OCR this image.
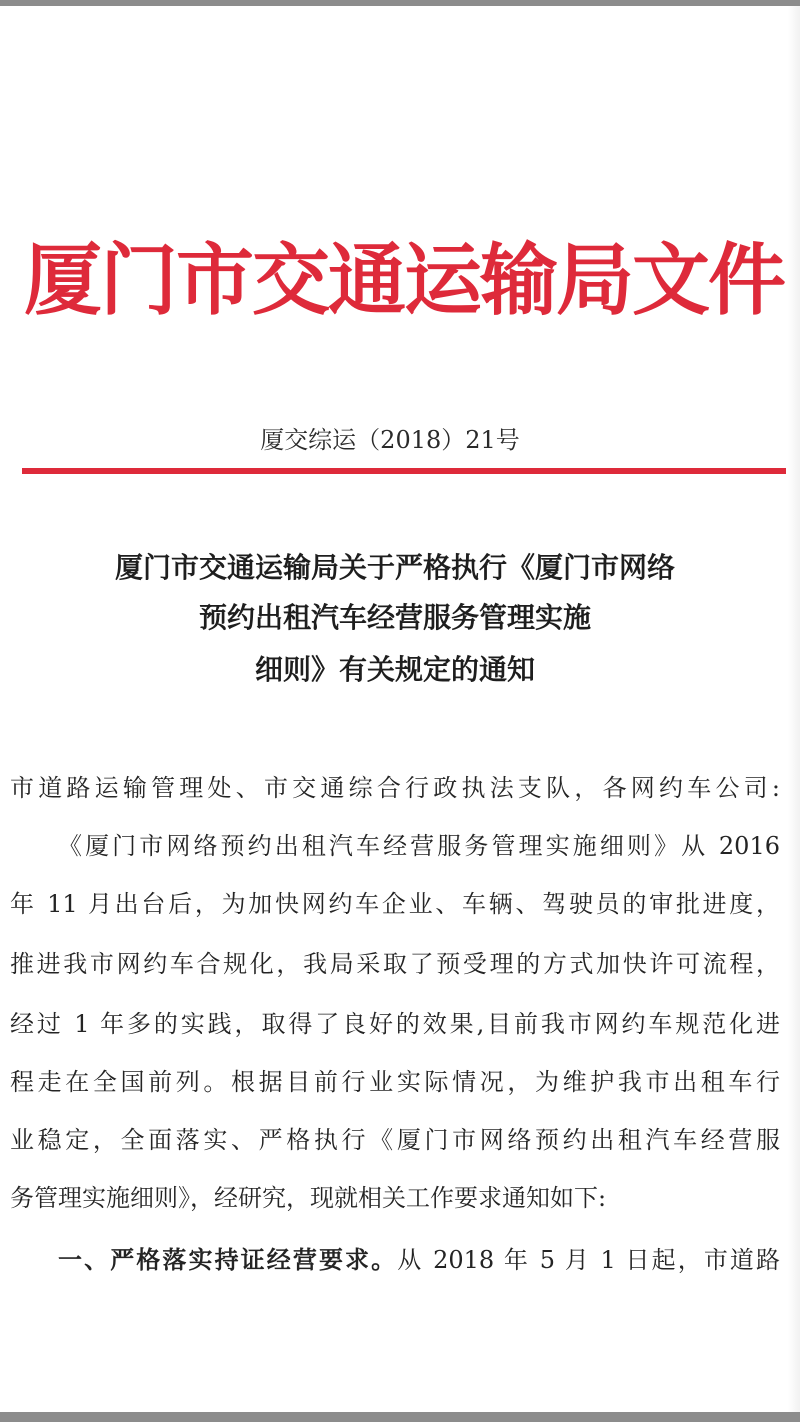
厦门市交通运输局文件
厦交综运（2018）21号
厦门市交通运输局关于严格执行《厦门市网络
预约出租汽车经营服务管理实施
细则》有关规定的通知
市道路运输管理处、市交通综合行政执法支队，各网约车公司:
《厦门市网络预约出租汽车经营服务管理实施细则》从 2016
年 11 月出台后，为加快网约车企业、车辆、驾驶员的审批进度，
推进我市网约车合规化，我局采取了预受理的方式加快许可流程，
经过 1 年多的实践，取得了良好的效果,目前我市网约车规范化进
程走在全国前列。根据目前行业实际情况，为维护我市出租车行
业稳定，全面落实、严格执行《厦门市网络预约出租汽车经营服
务管理实施细则》，经研究，现就相关工作要求通知如下:
一、严格落实持证经营要求。从 2018 年 5 月 1 日起，市道路
